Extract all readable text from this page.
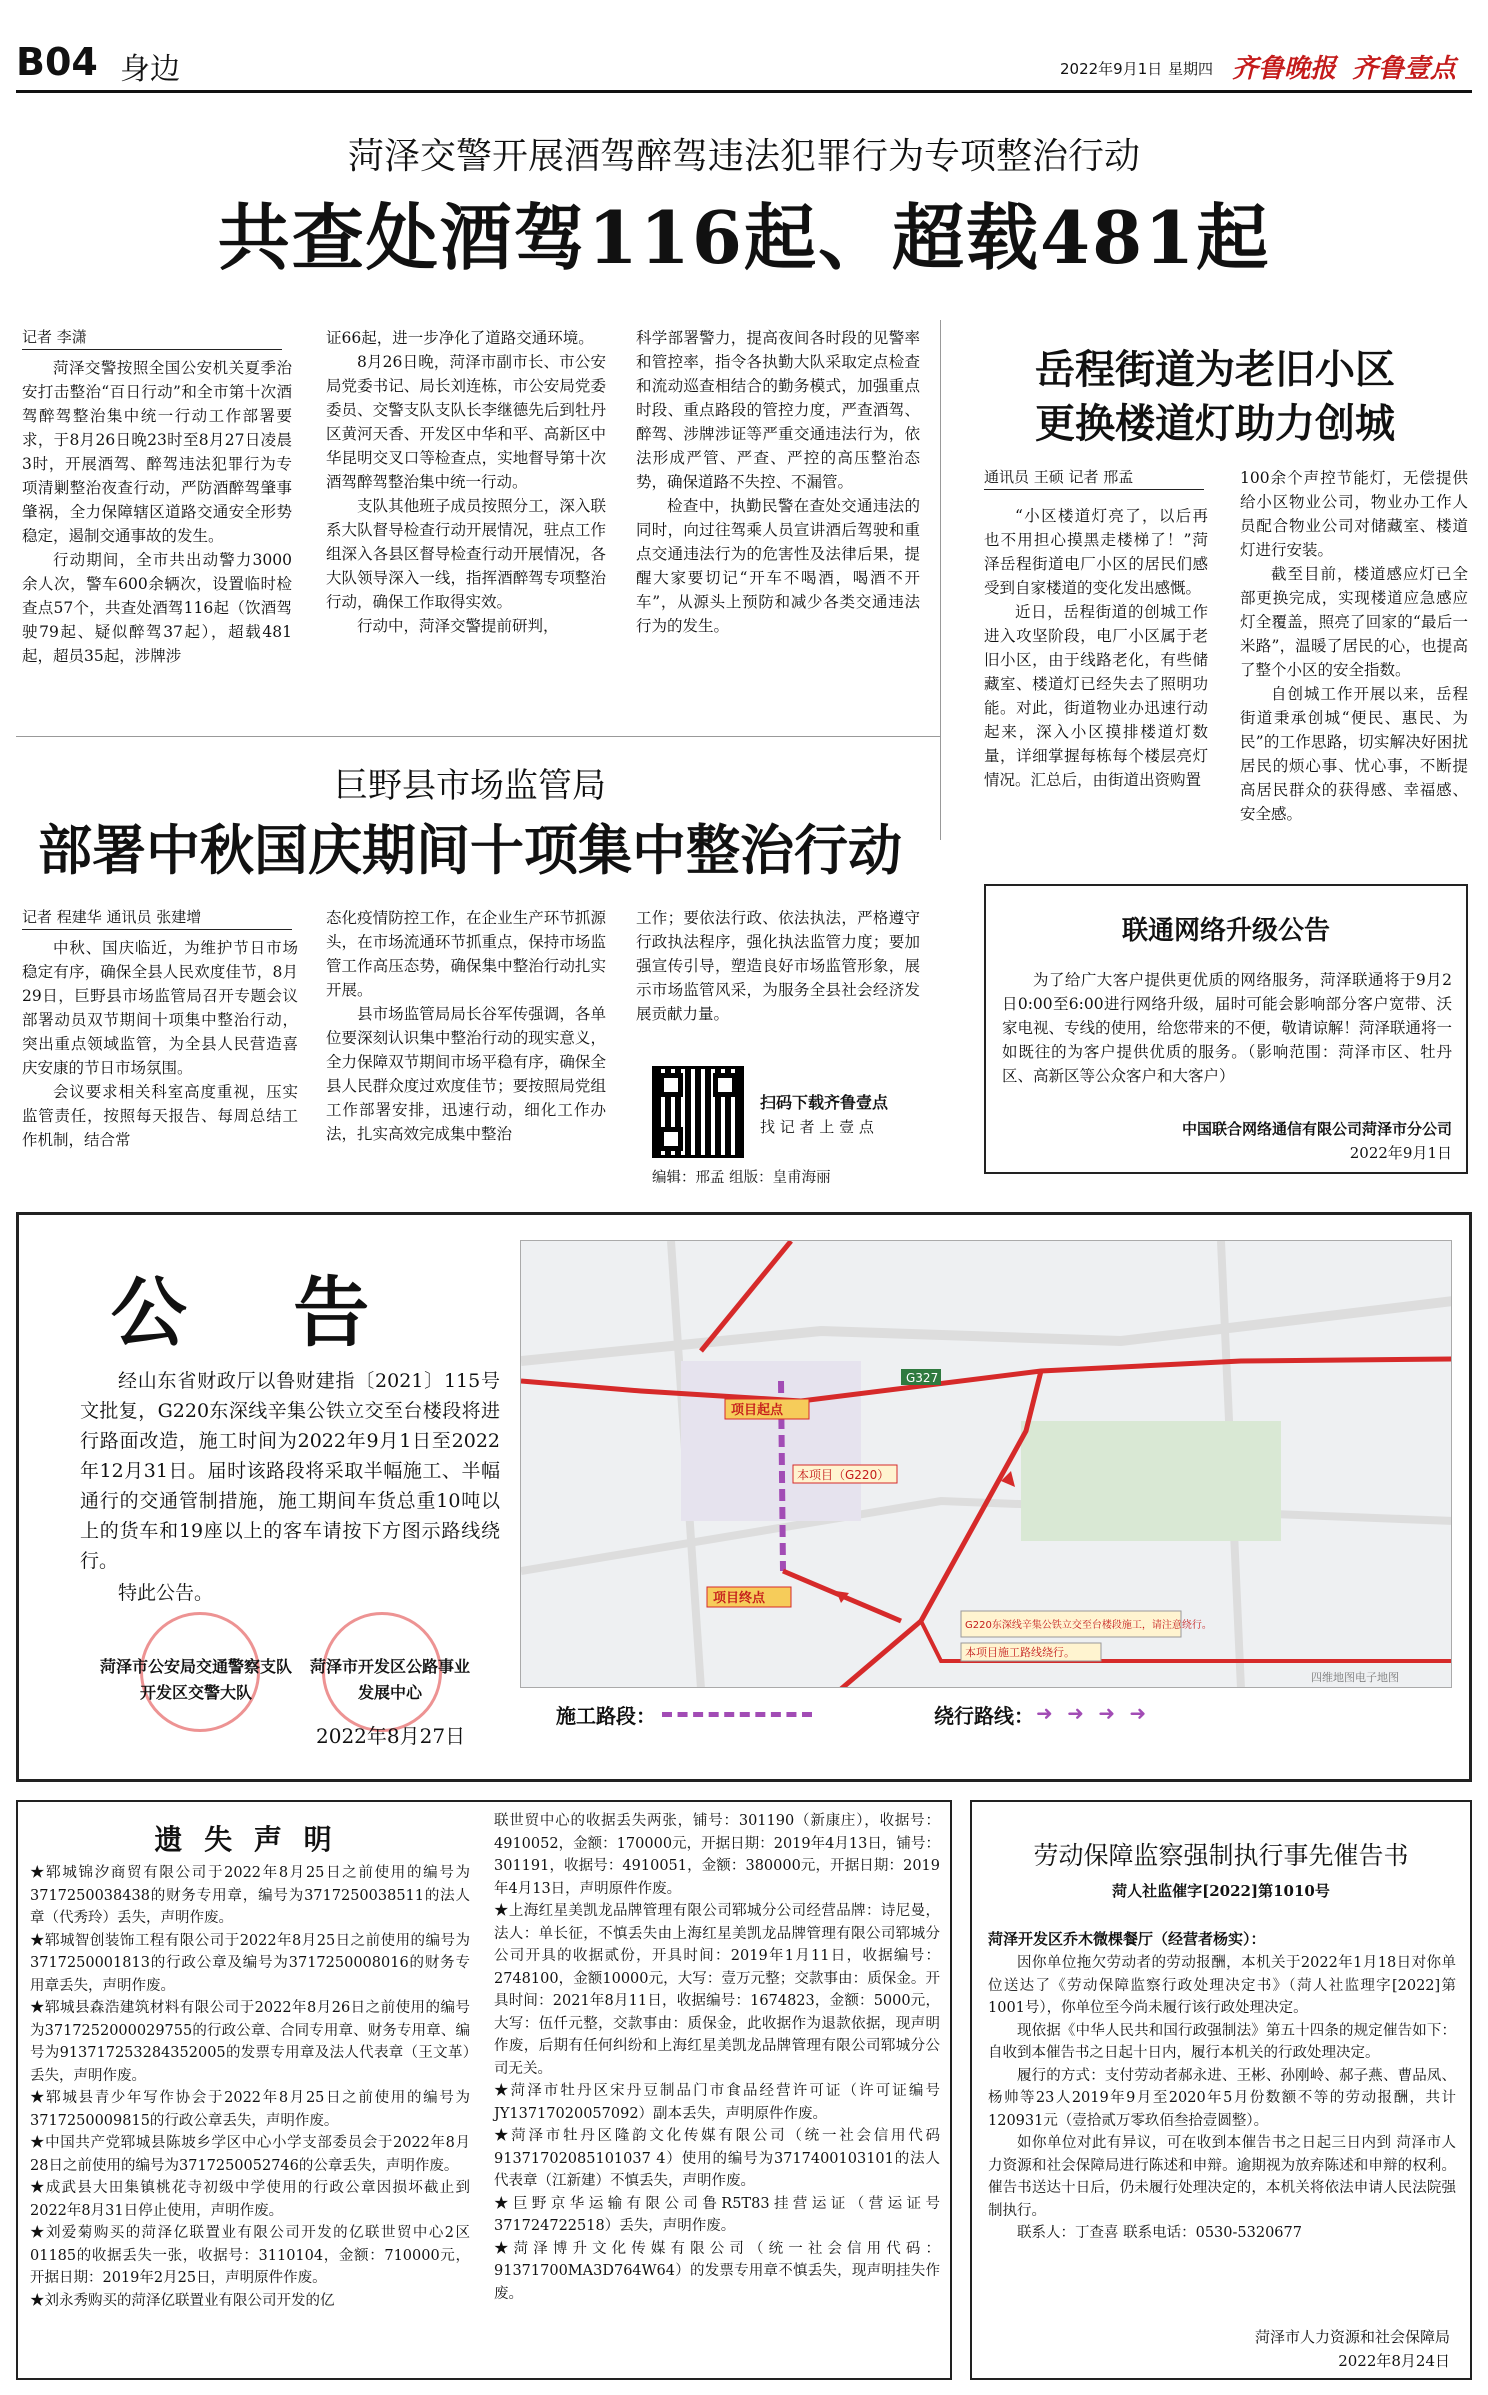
B04 身边	2022年9月1日 星期四 齐鲁晚报 齐鲁壹点
菏泽交警开展酒驾醉驾违法犯罪行为专项整治行动
共查处酒驾116起、超载481起
记者 李潇

菏泽交警按照全国公安机关夏季治安打击整治“百日行动”和全市第十次酒驾醉驾整治集中统一行动工作部署要求，于8月26日晚23时至8月27日凌晨3时，开展酒驾、醉驾违法犯罪行为专项清剿整治夜查行动，严防酒醉驾肇事肇祸，全力保障辖区道路交通安全形势稳定，遏制交通事故的发生。

行动期间，全市共出动警力3000余人次，警车600余辆次，设置临时检查点57个，共查处酒驾116起（饮酒驾驶79起、疑似醉驾37起），超载481起，超员35起，涉牌涉

证66起，进一步净化了道路交通环境。

8月26日晚，菏泽市副市长、市公安局党委书记、局长刘连栋，市公安局党委委员、交警支队支队长李继德先后到牡丹区黄河天香、开发区中华和平、高新区中华昆明交叉口等检查点，实地督导第十次酒驾醉驾整治集中统一行动。

支队其他班子成员按照分工，深入联系大队督导检查行动开展情况，驻点工作组深入各县区督导检查行动开展情况，各大队领导深入一线，指挥酒醉驾专项整治行动，确保工作取得实效。

行动中，菏泽交警提前研判，

科学部署警力，提高夜间各时段的见警率和管控率，指令各执勤大队采取定点检查和流动巡查相结合的勤务模式，加强重点时段、重点路段的管控力度，严查酒驾、醉驾、涉牌涉证等严重交通违法行为，依法形成严管、严查、严控的高压整治态势，确保道路不失控、不漏管。

检查中，执勤民警在查处交通违法的同时，向过往驾乘人员宣讲酒后驾驶和重点交通违法行为的危害性及法律后果，提醒大家要切记“开车不喝酒，喝酒不开车”，从源头上预防和减少各类交通违法行为的发生。

岳程街道为老旧小区
更换楼道灯助力创城
通讯员 王硕 记者 邢孟

“小区楼道灯亮了，以后再也不用担心摸黑走楼梯了！”菏泽岳程街道电厂小区的居民们感受到自家楼道的变化发出感慨。

近日，岳程街道的创城工作进入攻坚阶段，电厂小区属于老旧小区，由于线路老化，有些储藏室、楼道灯已经失去了照明功能。对此，街道物业办迅速行动起来，深入小区摸排楼道灯数量，详细掌握每栋每个楼层亮灯情况。汇总后，由街道出资购置

100余个声控节能灯，无偿提供给小区物业公司，物业办工作人员配合物业公司对储藏室、楼道灯进行安装。

截至目前，楼道感应灯已全部更换完成，实现楼道应急感应灯全覆盖，照亮了回家的“最后一米路”，温暖了居民的心，也提高了整个小区的安全指数。

自创城工作开展以来，岳程街道秉承创城“便民、惠民、为民”的工作思路，切实解决好困扰居民的烦心事、忧心事，不断提高居民群众的获得感、幸福感、安全感。

巨野县市场监管局
部署中秋国庆期间十项集中整治行动
记者 程建华 通讯员 张建增

中秋、国庆临近，为维护节日市场稳定有序，确保全县人民欢度佳节，8月29日，巨野县市场监管局召开专题会议部署动员双节期间十项集中整治行动，突出重点领域监管，为全县人民营造喜庆安康的节日市场氛围。

会议要求相关科室高度重视，压实监管责任，按照每天报告、每周总结工作机制，结合常

态化疫情防控工作，在企业生产环节抓源头，在市场流通环节抓重点，保持市场监管工作高压态势，确保集中整治行动扎实开展。

县市场监管局局长谷军传强调，各单位要深刻认识集中整治行动的现实意义，全力保障双节期间市场平稳有序，确保全县人民群众度过欢度佳节；要按照局党组工作部署安排，迅速行动，细化工作办法，扎实高效完成集中整治

工作；要依法行政、依法执法，严格遵守行政执法程序，强化执法监管力度；要加强宣传引导，塑造良好市场监管形象，展示市场监管风采，为服务全县社会经济发展贡献力量。

扫码下载齐鲁壹点
找 记 者 上 壹 点
编辑：邢孟 组版：皇甫海丽
联通网络升级公告
为了给广大客户提供更优质的网络服务，菏泽联通将于9月2日0:00至6:00进行网络升级，届时可能会影响部分客户宽带、沃家电视、专线的使用，给您带来的不便，敬请谅解！菏泽联通将一如既往的为客户提供优质的服务。（影响范围：菏泽市区、牡丹区、高新区等公众客户和大客户）
中国联合网络通信有限公司菏泽市分公司
2022年9月1日
公 告
经山东省财政厅以鲁财建指〔2021〕115号文批复，G220东深线辛集公铁立交至台楼段将进行路面改造，施工时间为2022年9月1日至2022年12月31日。届时该路段将采取半幅施工、半幅通行的交通管制措施，施工期间车货总重10吨以上的货车和19座以上的客车请按下方图示路线绕行。
特此公告。
菏泽市公安局交通警察支队
开发区交警大队
菏泽市开发区公路事业
发展中心
2022年8月27日
项目起点
项目终点
本项目（G220）
G327
G220东深线辛集公铁立交至台楼段施工，请注意绕行。
本项目施工路线绕行。
四维地图电子地图
施工路段：	绕行路线： ➜ ➜ ➜ ➜
遗 失 声 明

★郓城锦汐商贸有限公司于2022年8月25日之前使用的编号为3717250038438的财务专用章，编号为3717250038511的法人章（代秀玲）丢失，声明作废。

★郓城智创装饰工程有限公司于2022年8月25日之前使用的编号为3717250001813的行政公章及编号为3717250008016的财务专用章丢失，声明作废。

★郓城县森浩建筑材料有限公司于2022年8月26日之前使用的编号为3717252000029755的行政公章、合同专用章、财务专用章、编号为913717253284352005的发票专用章及法人代表章（王文革）丢失，声明作废。

★郓城县青少年写作协会于2022年8月25日之前使用的编号为3717250009815的行政公章丢失，声明作废。

★中国共产党郓城县陈坡乡学区中心小学支部委员会于2022年8月28日之前使用的编号为3717250052746的公章丢失，声明作废。

★成武县大田集镇桃花寺初级中学使用的行政公章因损坏截止到2022年8月31日停止使用，声明作废。

★刘爱菊购买的菏泽亿联置业有限公司开发的亿联世贸中心2区01185的收据丢失一张，收据号：3110104，金额：710000元，开据日期：2019年2月25日，声明原件作废。

★刘永秀购买的菏泽亿联置业有限公司开发的亿

联世贸中心的收据丢失两张，铺号：301190（新康庄），收据号：4910052，金额：170000元，开据日期：2019年4月13日，铺号：301191，收据号：4910051，金额：380000元，开据日期：2019年4月13日，声明原件作废。

★上海红星美凯龙品牌管理有限公司郓城分公司经营品牌：诗尼曼，法人：单长征，不慎丢失由上海红星美凯龙品牌管理有限公司郓城分公司开具的收据贰份，开具时间：2019年1月11日，收据编号：2748100，金额10000元，大写：壹万元整；交款事由：质保金。开具时间：2021年8月11日，收据编号：1674823，金额：5000元，大写：伍仟元整，交款事由：质保金，此收据作为退款依据，现声明作废，后期有任何纠纷和上海红星美凯龙品牌管理有限公司郓城分公司无关。

★菏泽市牡丹区宋丹豆制品门市食品经营许可证（许可证编号JY13717020057092）副本丢失，声明原件作废。

★菏泽市牡丹区隆韵文化传媒有限公司（统一社会信用代码91371702085101037 4）使用的编号为3717400103101的法人代表章（江新建）不慎丢失，声明作废。

★巨野京华运输有限公司鲁R5T83挂营运证（营运证号371724722518）丢失，声明作废。

★菏泽博升文化传媒有限公司（统一社会信用代码：91371700MA3D764W64）的发票专用章不慎丢失，现声明挂失作废。

劳动保障监察强制执行事先催告书
菏人社监催字[2022]第1010号
菏泽开发区乔木微棵餐厅（经营者杨实）：

因你单位拖欠劳动者的劳动报酬，本机关于2022年1月18日对你单位送达了《劳动保障监察行政处理决定书》（菏人社监理字[2022]第1001号），你单位至今尚未履行该行政处理决定。

现依据《中华人民共和国行政强制法》第五十四条的规定催告如下：自收到本催告书之日起十日内，履行本机关的行政处理决定。

履行的方式：支付劳动者郝永进、王彬、孙刚岭、郝子燕、曹品凤、杨帅等23人2019年9月至2020年5月份数额不等的劳动报酬，共计120931元（壹拾贰万零玖佰叁拾壹圆整）。

如你单位对此有异议，可在收到本催告书之日起三日内到 菏泽市人力资源和社会保障局进行陈述和申辩。逾期视为放弃陈述和申辩的权利。催告书送达十日后，仍未履行处理决定的，本机关将依法申请人民法院强制执行。

联系人：丁查喜 联系电话：0530-5320677

菏泽市人力资源和社会保障局
2022年8月24日
